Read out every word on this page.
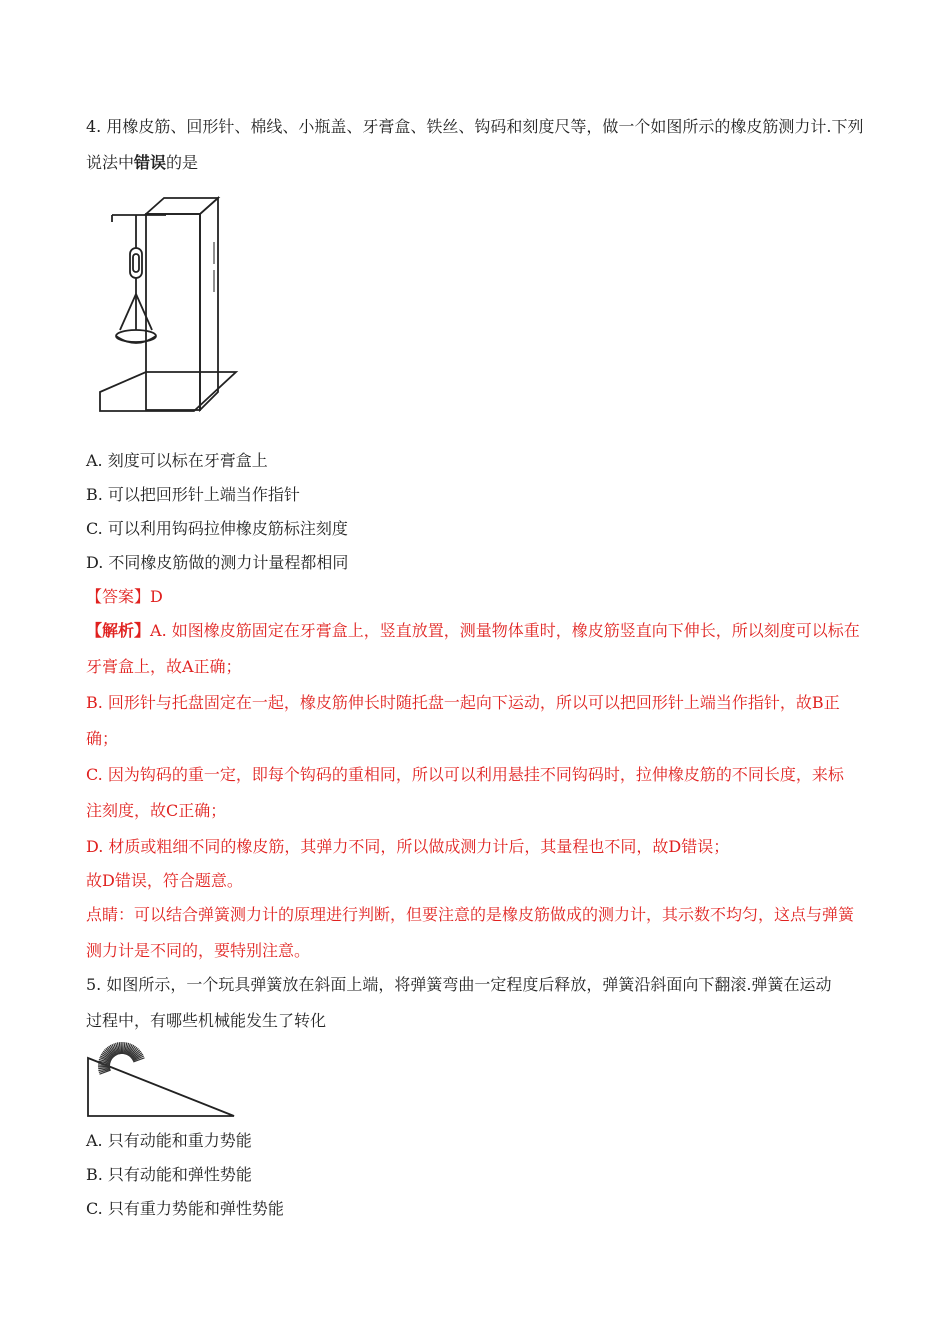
4. 用橡皮筋、回形针、棉线、小瓶盖、牙膏盒、铁丝、钩码和刻度尺等，做一个如图所示的橡皮筋测力计.下列
说法中错误的是
A. 刻度可以标在牙膏盒上
B. 可以把回形针上端当作指针
C. 可以利用钩码拉伸橡皮筋标注刻度
D. 不同橡皮筋做的测力计量程都相同
【答案】D
【解析】A. 如图橡皮筋固定在牙膏盒上，竖直放置，测量物体重时，橡皮筋竖直向下伸长，所以刻度可以标在
牙膏盒上，故A正确；
B. 回形针与托盘固定在一起，橡皮筋伸长时随托盘一起向下运动，所以可以把回形针上端当作指针，故B正
确；
C. 因为钩码的重一定，即每个钩码的重相同，所以可以利用悬挂不同钩码时，拉伸橡皮筋的不同长度，来标
注刻度，故C正确；
D. 材质或粗细不同的橡皮筋，其弹力不同，所以做成测力计后，其量程也不同，故D错误；
故D错误，符合题意。
点睛：可以结合弹簧测力计的原理进行判断，但要注意的是橡皮筋做成的测力计，其示数不均匀，这点与弹簧
测力计是不同的，要特别注意。
5. 如图所示，一个玩具弹簧放在斜面上端，将弹簧弯曲一定程度后释放，弹簧沿斜面向下翻滚.弹簧在运动
过程中，有哪些机械能发生了转化
A. 只有动能和重力势能
B. 只有动能和弹性势能
C. 只有重力势能和弹性势能
